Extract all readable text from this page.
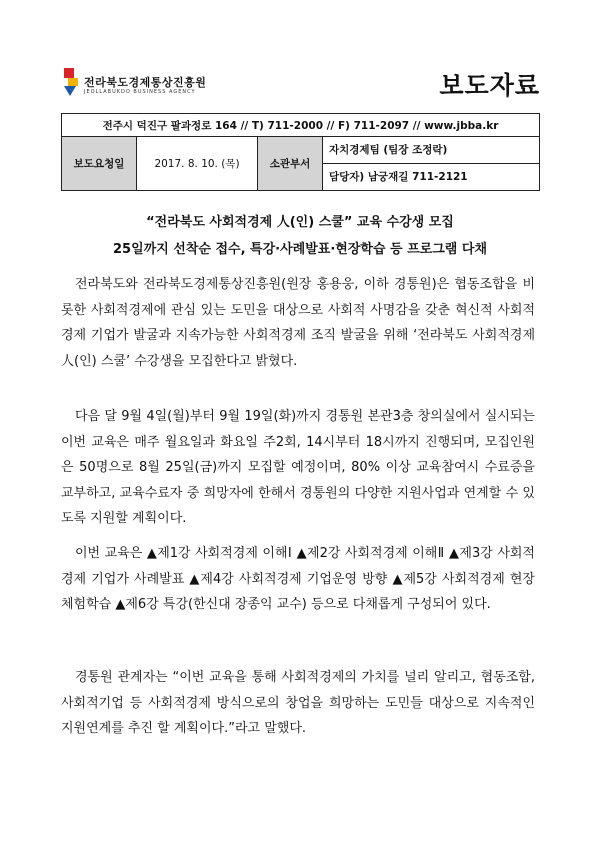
전라북도경제통상진흥원
JEOLLABUKDO BUSINESS AGENCY	보도자료
전주시 덕진구 팔과정로 164 // T) 711-2000 // F) 711-2097 // www.jbba.kr
보도요청일	2017. 8. 10. (목)	소관부서	자치경제팀 (팀장 조정락)
담당자) 남궁재길 711-2121
“전라북도 사회적경제 人(인) 스쿨” 교육 수강생 모집
25일까지 선착순 접수, 특강·사례발표·현장학습 등 프로그램 다채

전라북도와 전라북도경제통상진흥원(원장 홍용웅, 이하 경통원)은 협동조합을 비롯한 사회적경제에 관심 있는 도민을 대상으로 사회적 사명감을 갖춘 혁신적 사회적경제 기업가 발굴과 지속가능한 사회적경제 조직 발굴을 위해 ‘전라북도 사회적경제 人(인) 스쿨’ 수강생을 모집한다고 밝혔다.

다음 달 9월 4일(월)부터 9월 19일(화)까지 경통원 본관3층 창의실에서 실시되는 이번 교육은 매주 월요일과 화요일 주2회, 14시부터 18시까지 진행되며, 모집인원은 50명으로 8월 25일(금)까지 모집할 예정이며, 80% 이상 교육참여시 수료증을 교부하고, 교육수료자 중 희망자에 한해서 경통원의 다양한 지원사업과 연계할 수 있도록 지원할 계획이다.

이번 교육은 ▲제1강 사회적경제 이해Ⅰ ▲제2강 사회적경제 이해Ⅱ ▲제3강 사회적경제 기업가 사례발표 ▲제4강 사회적경제 기업운영 방향 ▲제5강 사회적경제 현장 체험학습 ▲제6강 특강(한신대 장종익 교수) 등으로 다채롭게 구성되어 있다.

경통원 관계자는 “이번 교육을 통해 사회적경제의 가치를 널리 알리고, 협동조합, 사회적기업 등 사회적경제 방식으로의 창업을 희망하는 도민들 대상으로 지속적인 지원연계를 추진 할 계획이다.”라고 말했다.
